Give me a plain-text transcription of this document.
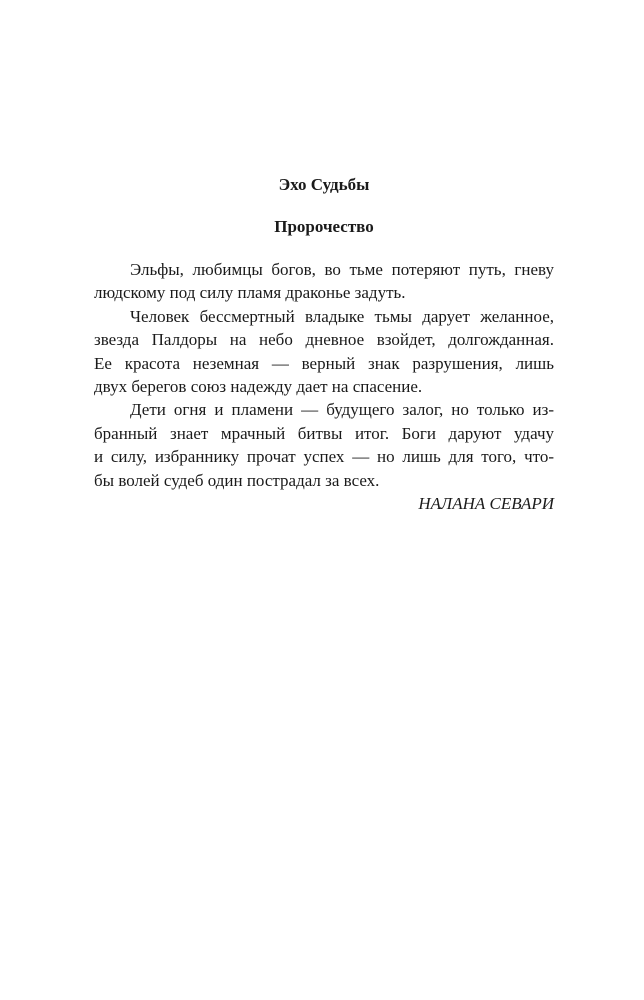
Эхо Судьбы
Пророчество
Эльфы, любимцы богов, во тьме потеряют путь, гневу
людскому под силу пламя драконье задуть.
Человек бессмертный владыке тьмы дарует желанное,
звезда Палдоры на небо дневное взойдет, долгожданная.
Ее красота неземная — верный знак разрушения, лишь
двух берегов союз надежду дает на спасение.
Дети огня и пламени — будущего залог, но только из-
бранный знает мрачный битвы итог. Боги даруют удачу
и силу, избраннику прочат успех — но лишь для того, что-
бы волей судеб один пострадал за всех.

НАЛАНА СЕВАРИ
